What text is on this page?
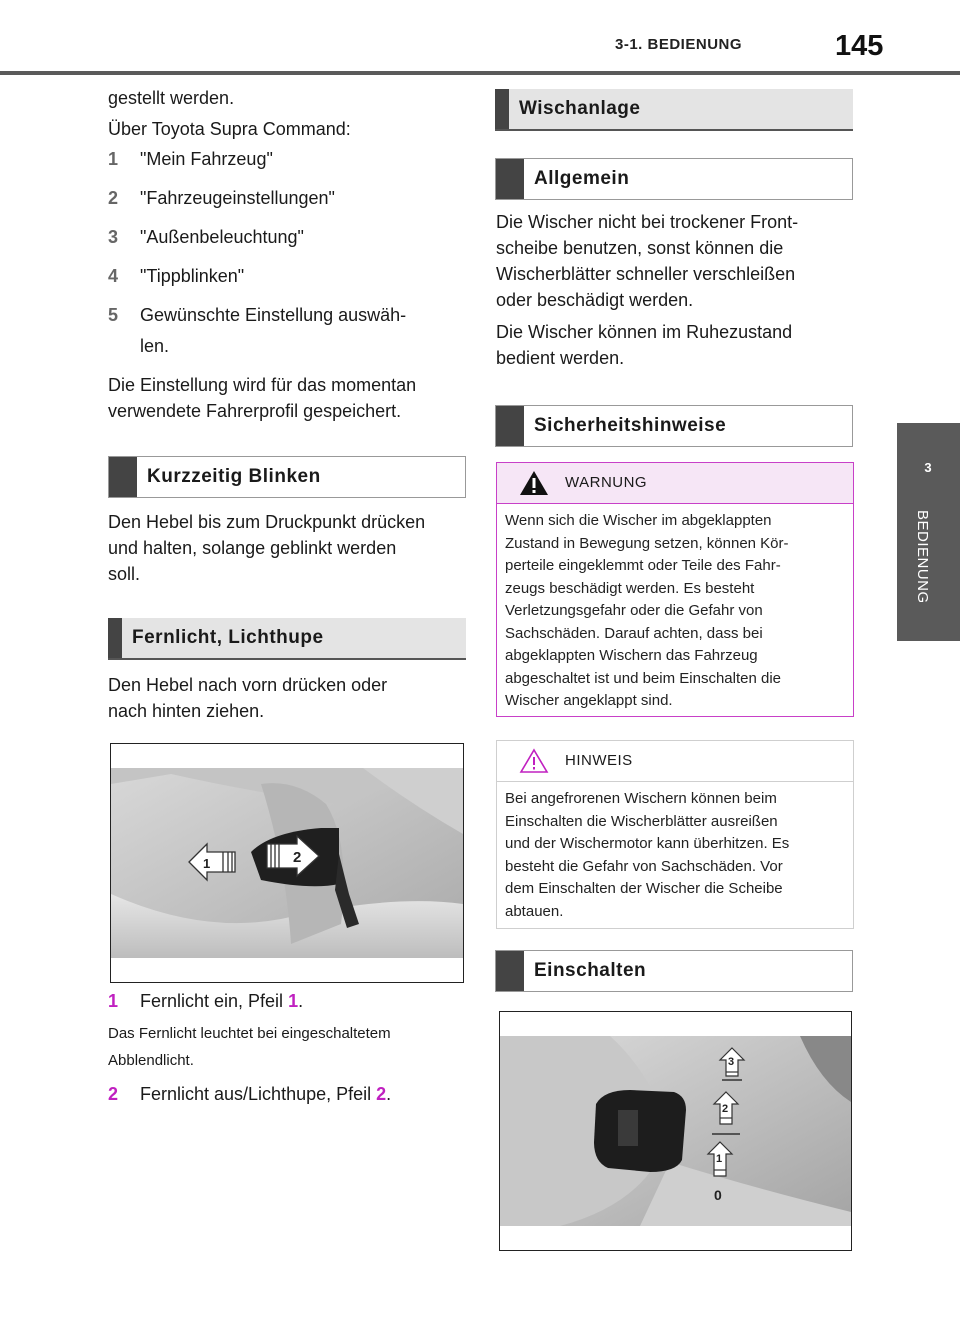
3-1. BEDIENUNG	145
3
BEDIENUNG
gestellt werden.
Über Toyota Supra Command:
1 "Mein Fahrzeug"
2 "Fahrzeugeinstellungen"
3 "Außenbeleuchtung"
4 "Tippblinken"
5 Gewünschte Einstellung auswäh-
len.
Die Einstellung wird für das momentan
verwendete Fahrerprofil gespeichert.
Kurzzeitig Blinken
Den Hebel bis zum Druckpunkt drücken
und halten, solange geblinkt werden
soll.
Fernlicht, Lichthupe
Den Hebel nach vorn drücken oder
nach hinten ziehen.
1	2
1 Fernlicht ein, Pfeil 1.
Das Fernlicht leuchtet bei eingeschaltetem
Abblendlicht.
2 Fernlicht aus/Lichthupe, Pfeil 2.
Wischanlage
Allgemein
Die Wischer nicht bei trockener Front-
scheibe benutzen, sonst können die
Wischerblätter schneller verschleißen
oder beschädigt werden.
Die Wischer können im Ruhezustand
bedient werden.
Sicherheitshinweise
WARNUNG
Wenn sich die Wischer im abgeklappten
Zustand in Bewegung setzen, können Kör-
perteile eingeklemmt oder Teile des Fahr-
zeugs beschädigt werden. Es besteht
Verletzungsgefahr oder die Gefahr von
Sachschäden. Darauf achten, dass bei
abgeklappten Wischern das Fahrzeug
abgeschaltet ist und beim Einschalten die
Wischer angeklappt sind.
HINWEIS
Bei angefrorenen Wischern können beim
Einschalten die Wischerblätter ausreißen
und der Wischermotor kann überhitzen. Es
besteht die Gefahr von Sachschäden. Vor
dem Einschalten der Wischer die Scheibe
abtauen.
Einschalten
3
2
1
0
